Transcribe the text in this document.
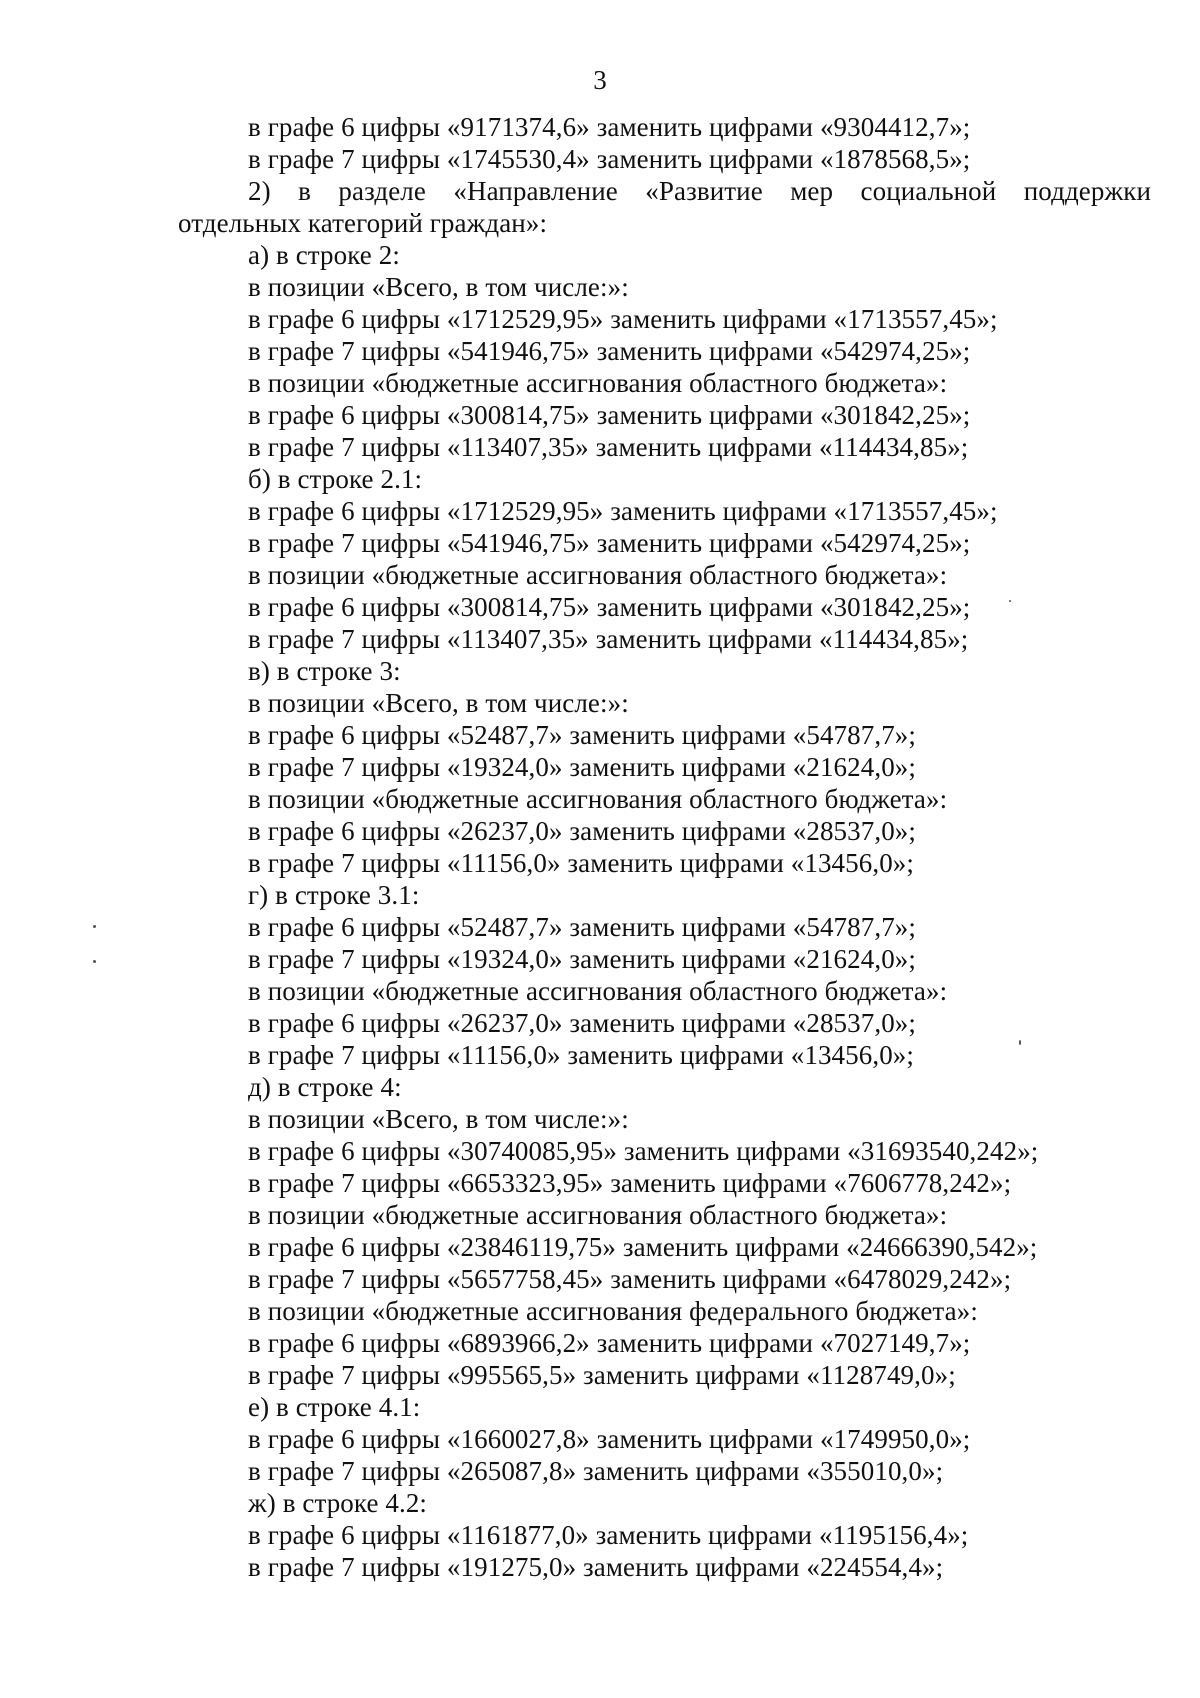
3
в графе 6 цифры «9171374,6» заменить цифрами «9304412,7»;
в графе 7 цифры «1745530,4» заменить цифрами «1878568,5»;
2) в разделе «Направление «Развитие мер социальной поддержки
отдельных категорий граждан»:
а) в строке 2:
в позиции «Всего, в том числе:»:
в графе 6 цифры «1712529,95» заменить цифрами «1713557,45»;
в графе 7 цифры «541946,75» заменить цифрами «542974,25»;
в позиции «бюджетные ассигнования областного бюджета»:
в графе 6 цифры «300814,75» заменить цифрами «301842,25»;
в графе 7 цифры «113407,35» заменить цифрами «114434,85»;
б) в строке 2.1:
в графе 6 цифры «1712529,95» заменить цифрами «1713557,45»;
в графе 7 цифры «541946,75» заменить цифрами «542974,25»;
в позиции «бюджетные ассигнования областного бюджета»:
в графе 6 цифры «300814,75» заменить цифрами «301842,25»;
в графе 7 цифры «113407,35» заменить цифрами «114434,85»;
в) в строке 3:
в позиции «Всего, в том числе:»:
в графе 6 цифры «52487,7» заменить цифрами «54787,7»;
в графе 7 цифры «19324,0» заменить цифрами «21624,0»;
в позиции «бюджетные ассигнования областного бюджета»:
в графе 6 цифры «26237,0» заменить цифрами «28537,0»;
в графе 7 цифры «11156,0» заменить цифрами «13456,0»;
г) в строке 3.1:
в графе 6 цифры «52487,7» заменить цифрами «54787,7»;
в графе 7 цифры «19324,0» заменить цифрами «21624,0»;
в позиции «бюджетные ассигнования областного бюджета»:
в графе 6 цифры «26237,0» заменить цифрами «28537,0»;
в графе 7 цифры «11156,0» заменить цифрами «13456,0»;
д) в строке 4:
в позиции «Всего, в том числе:»:
в графе 6 цифры «30740085,95» заменить цифрами «31693540,242»;
в графе 7 цифры «6653323,95» заменить цифрами «7606778,242»;
в позиции «бюджетные ассигнования областного бюджета»:
в графе 6 цифры «23846119,75» заменить цифрами «24666390,542»;
в графе 7 цифры «5657758,45» заменить цифрами «6478029,242»;
в позиции «бюджетные ассигнования федерального бюджета»:
в графе 6 цифры «6893966,2» заменить цифрами «7027149,7»;
в графе 7 цифры «995565,5» заменить цифрами «1128749,0»;
е) в строке 4.1:
в графе 6 цифры «1660027,8» заменить цифрами «1749950,0»;
в графе 7 цифры «265087,8» заменить цифрами «355010,0»;
ж) в строке 4.2:
в графе 6 цифры «1161877,0» заменить цифрами «1195156,4»;
в графе 7 цифры «191275,0» заменить цифрами «224554,4»;
